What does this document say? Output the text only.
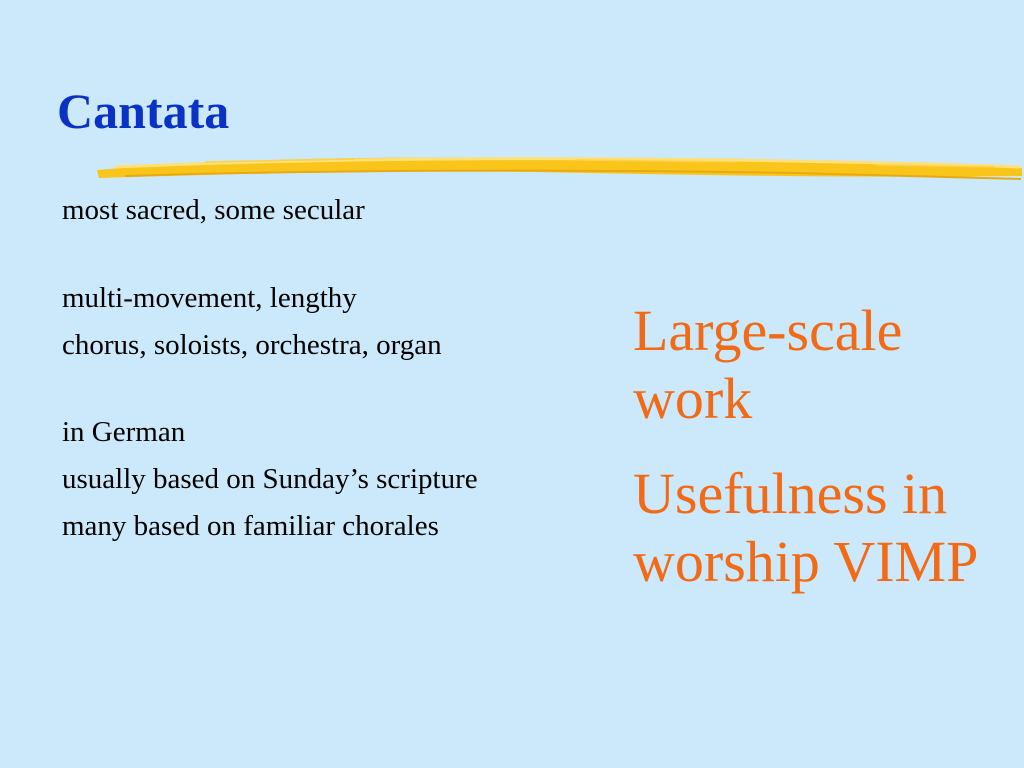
Cantata
most sacred, some secular
multi-movement, lengthy
chorus, soloists, orchestra, organ
in German
usually based on Sunday’s scripture
many based on familiar chorales

Large-scale work

Usefulness in worship VIMP
